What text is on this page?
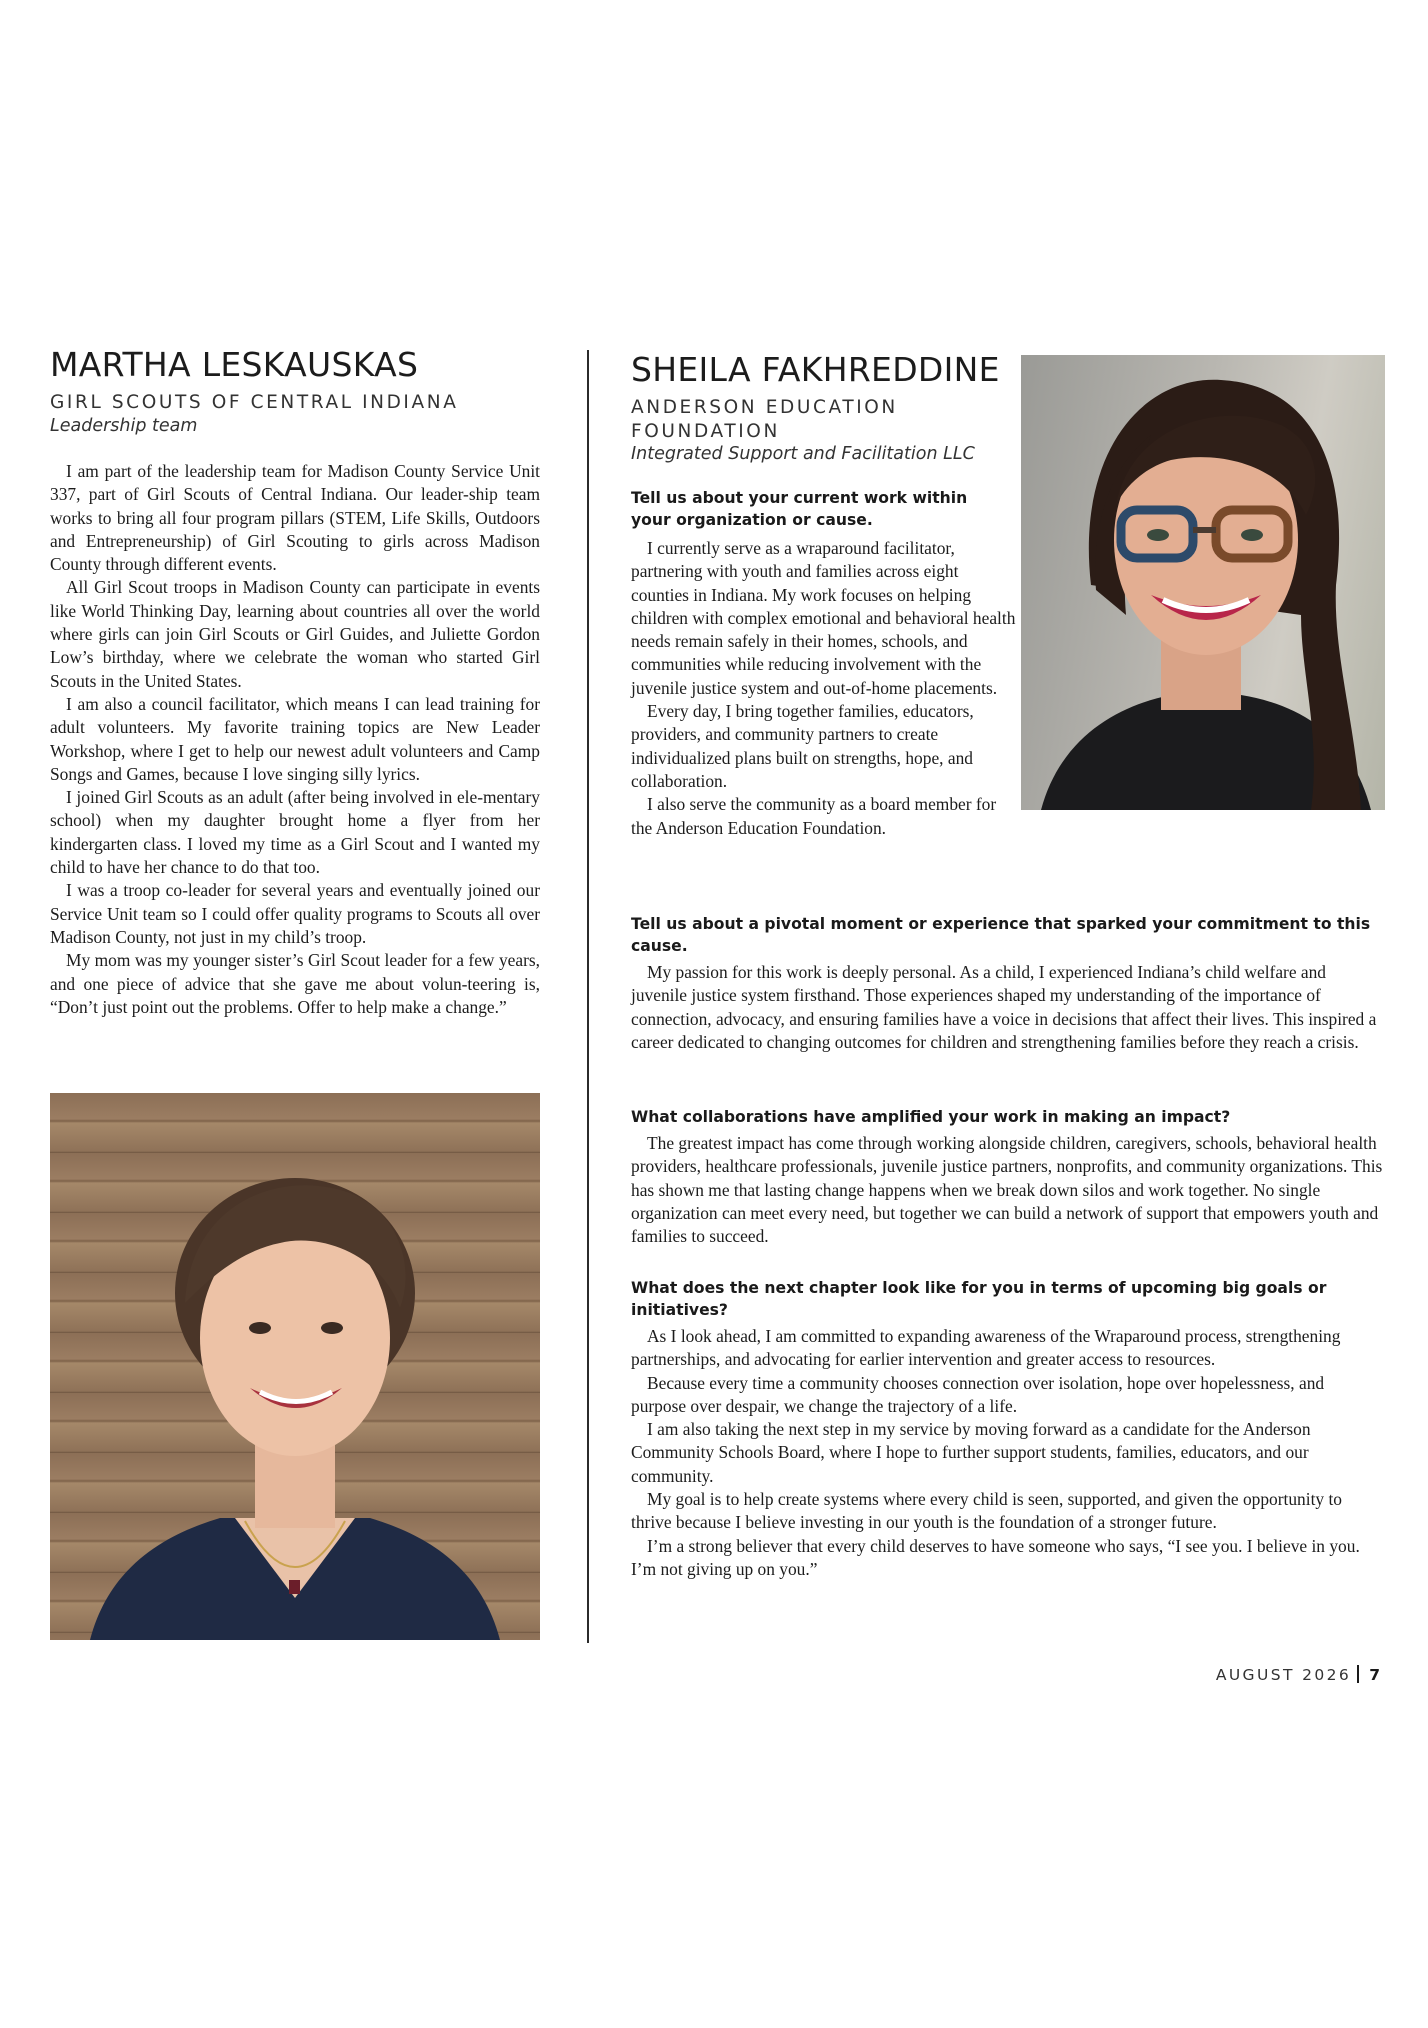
MARTHA LESKAUSKAS
GIRL SCOUTS OF CENTRAL INDIANA
Leadership team

I am part of the leadership team for Madison County Service Unit 337, part of Girl Scouts of Central Indiana. Our leader-ship team works to bring all four program pillars (STEM, Life Skills, Outdoors and Entrepreneurship) of Girl Scouting to girls across Madison County through different events.

All Girl Scout troops in Madison County can participate in events like World Thinking Day, learning about countries all over the world where girls can join Girl Scouts or Girl Guides, and Juliette Gordon Low’s birthday, where we celebrate the woman who started Girl Scouts in the United States.

I am also a council facilitator, which means I can lead training for adult volunteers. My favorite training topics are New Leader Workshop, where I get to help our newest adult volunteers and Camp Songs and Games, because I love singing silly lyrics.

I joined Girl Scouts as an adult (after being involved in ele-mentary school) when my daughter brought home a flyer from her kindergarten class. I loved my time as a Girl Scout and I wanted my child to have her chance to do that too.

I was a troop co-leader for several years and eventually joined our Service Unit team so I could offer quality programs to Scouts all over Madison County, not just in my child’s troop.

My mom was my younger sister’s Girl Scout leader for a few years, and one piece of advice that she gave me about volun-teering is, “Don’t just point out the problems. Offer to help make a change.”

SHEILA FAKHREDDINE
ANDERSON EDUCATION FOUNDATION
Integrated Support and Facilitation LLC
Tell us about your current work within your organization or cause.

I currently serve as a wraparound facilitator, partnering with youth and families across eight counties in Indiana. My work focuses on helping children with complex emotional and behavioral health needs remain safely in their homes, schools, and communities while reducing involvement with the juvenile justice system and out-of-home placements.

Every day, I bring together families, educators, providers, and community partners to create individualized plans built on strengths, hope, and collaboration.

I also serve the community as a board member for the Anderson Education Foundation.

Tell us about a pivotal moment or experience that sparked your commitment to this cause.

My passion for this work is deeply personal. As a child, I experienced Indiana’s child welfare and juvenile justice system firsthand. Those experiences shaped my understanding of the importance of connection, advocacy, and ensuring families have a voice in decisions that affect their lives. This inspired a career dedicated to changing outcomes for children and strengthening families before they reach a crisis.

What collaborations have amplified your work in making an impact?

The greatest impact has come through working alongside children, caregivers, schools, behavioral health providers, healthcare professionals, juvenile justice partners, nonprofits, and community organizations. This has shown me that lasting change happens when we break down silos and work together. No single organization can meet every need, but together we can build a network of support that empowers youth and families to succeed.

What does the next chapter look like for you in terms of upcoming big goals or initiatives?

As I look ahead, I am committed to expanding awareness of the Wraparound process, strengthening partnerships, and advocating for earlier intervention and greater access to resources.

Because every time a community chooses connection over isolation, hope over hopelessness, and purpose over despair, we change the trajectory of a life.

I am also taking the next step in my service by moving forward as a candidate for the Anderson Community Schools Board, where I hope to further support students, families, educators, and our community.

My goal is to help create systems where every child is seen, supported, and given the opportunity to thrive because I believe investing in our youth is the foundation of a stronger future.

I’m a strong believer that every child deserves to have someone who says, “I see you. I believe in you. I’m not giving up on you.”

AUGUST 2026 7
